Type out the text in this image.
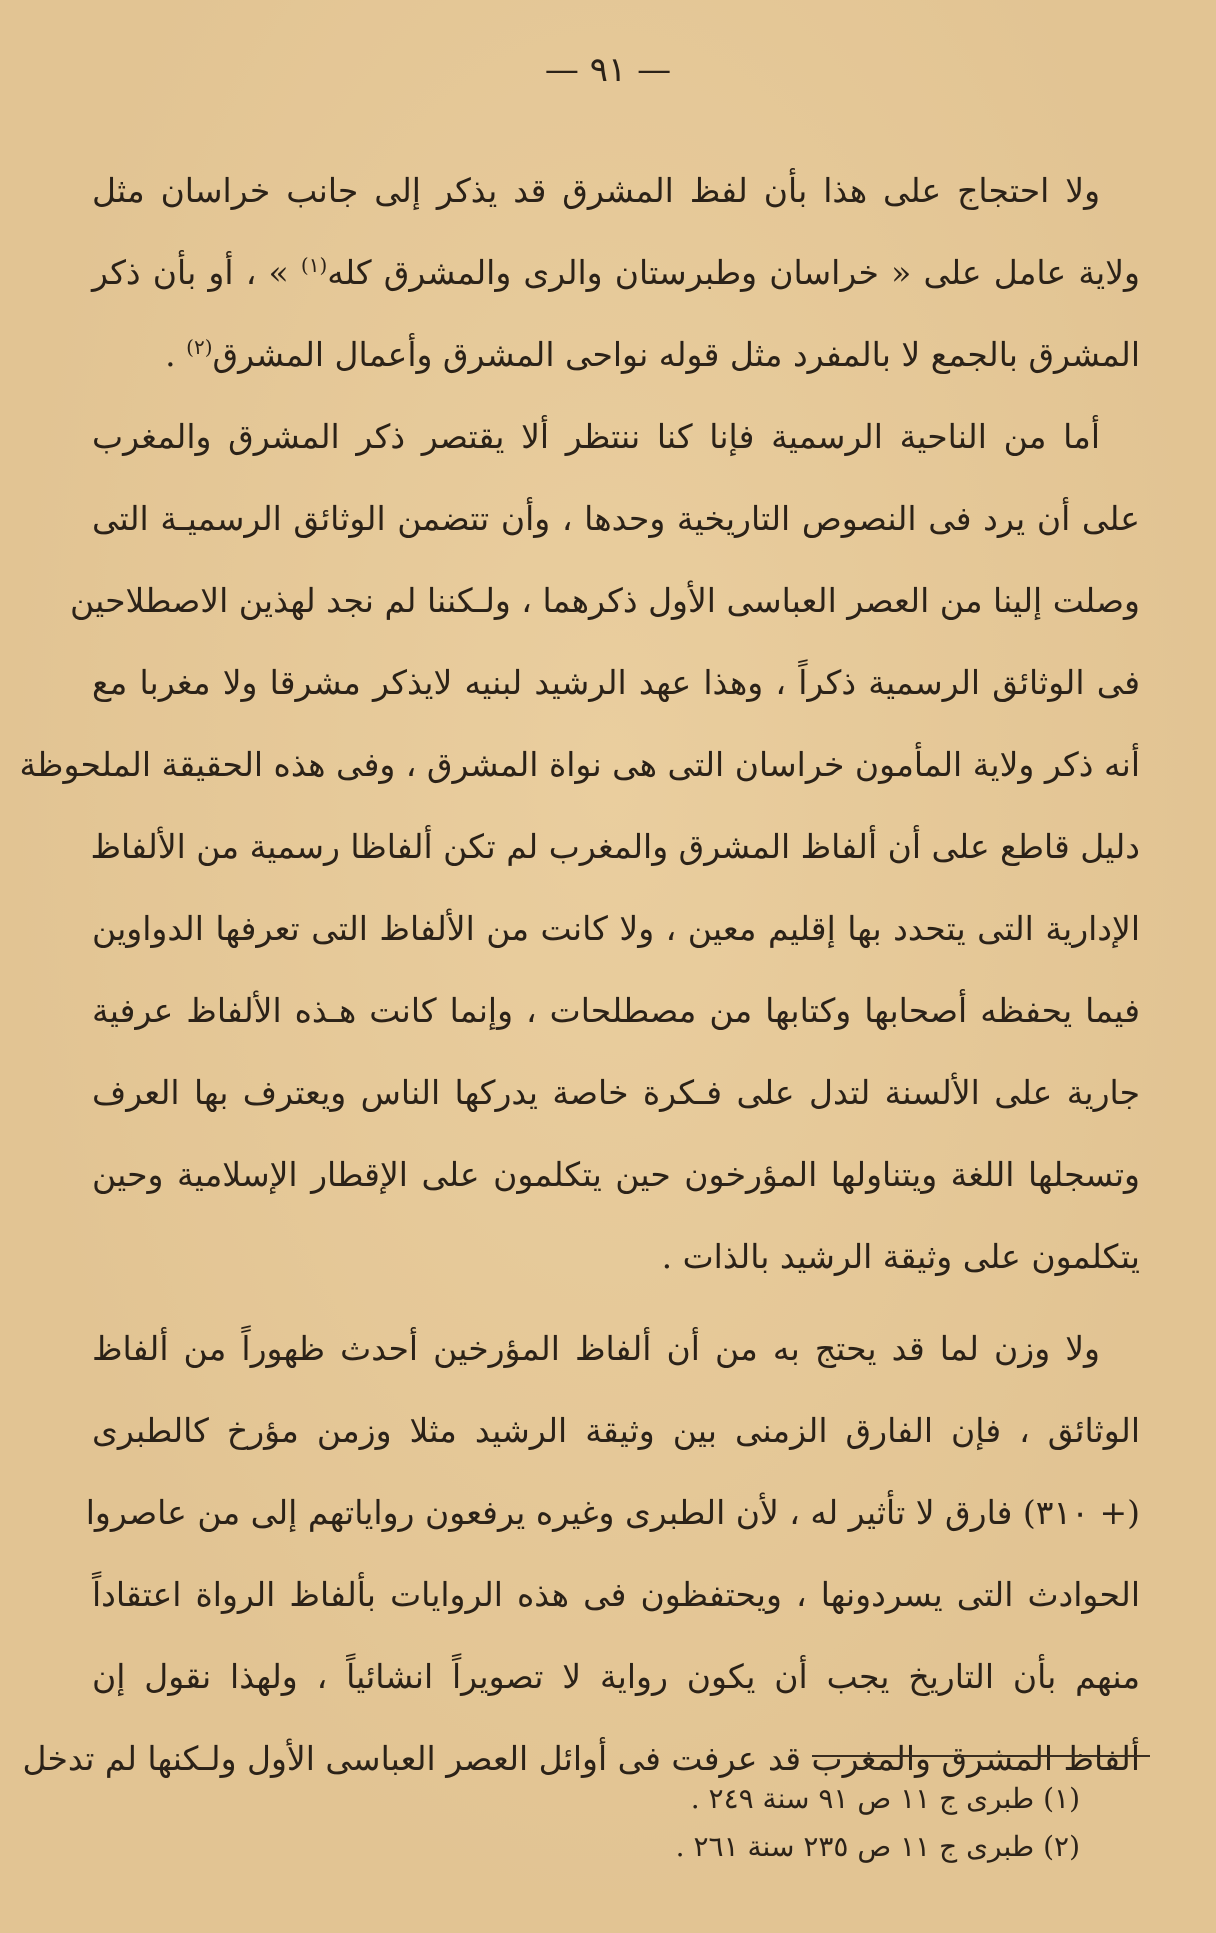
— ٩١ —
ولا احتجاج على هذا بأن لفظ المشرق قد يذكر إلى جانب خراسان مثل
ولاية عامل على « خراسان وطبرستان والرى والمشرق كله$^{(١)}$ » ، أو بأن ذكر
المشرق بالجمع لا بالمفرد مثل قوله نواحى المشرق وأعمال المشرق$^{(٢)}$ .
أما من الناحية الرسمية فإنا كنا ننتظر ألا يقتصر ذكر المشرق والمغرب
على أن يرد فى النصوص التاريخية وحدها ، وأن تتضمن الوثائق الرسميـة التى
وصلت إلينا من العصر العباسى الأول ذكرهما ، ولـكننا لم نجد لهذين الاصطلاحين
فى الوثائق الرسمية ذكراً ، وهذا عهد الرشيد لبنيه لايذكر مشرقا ولا مغربا مع
أنه ذكر ولاية المأمون خراسان التى هى نواة المشرق ، وفى هذه الحقيقة الملحوظة
دليل قاطع على أن ألفاظ المشرق والمغرب لم تكن ألفاظا رسمية من الألفاظ
الإدارية التى يتحدد بها إقليم معين ، ولا كانت من الألفاظ التى تعرفها الدواوين
فيما يحفظه أصحابها وكتابها من مصطلحات ، وإنما كانت هـذه الألفاظ عرفية
جارية على الألسنة لتدل على فـكرة خاصة يدركها الناس ويعترف بها العرف
وتسجلها اللغة ويتناولها المؤرخون حين يتكلمون على الإقطار الإسلامية وحين
يتكلمون على وثيقة الرشيد بالذات .
ولا وزن لما قد يحتج به من أن ألفاظ المؤرخين أحدث ظهوراً من ألفاظ
الوثائق ، فإن الفارق الزمنى بين وثيقة الرشيد مثلا وزمن مؤرخ كالطبرى
(+ ٣١٠) فارق لا تأثير له ، لأن الطبرى وغيره يرفعون رواياتهم إلى من عاصروا
الحوادث التى يسردونها ، ويحتفظون فى هذه الروايات بألفاظ الرواة اعتقاداً
منهم بأن التاريخ يجب أن يكون رواية لا تصويراً انشائياً ، ولهذا نقول إن
ألفاظ المشرق والمغرب قد عرفت فى أوائل العصر العباسى الأول ولـكنها لم تدخل
(١) طبرى ج ١١ ص ٩١ سنة ٢٤٩ .
(٢) طبرى ج ١١ ص ٢٣٥ سنة ٢٦١ .
